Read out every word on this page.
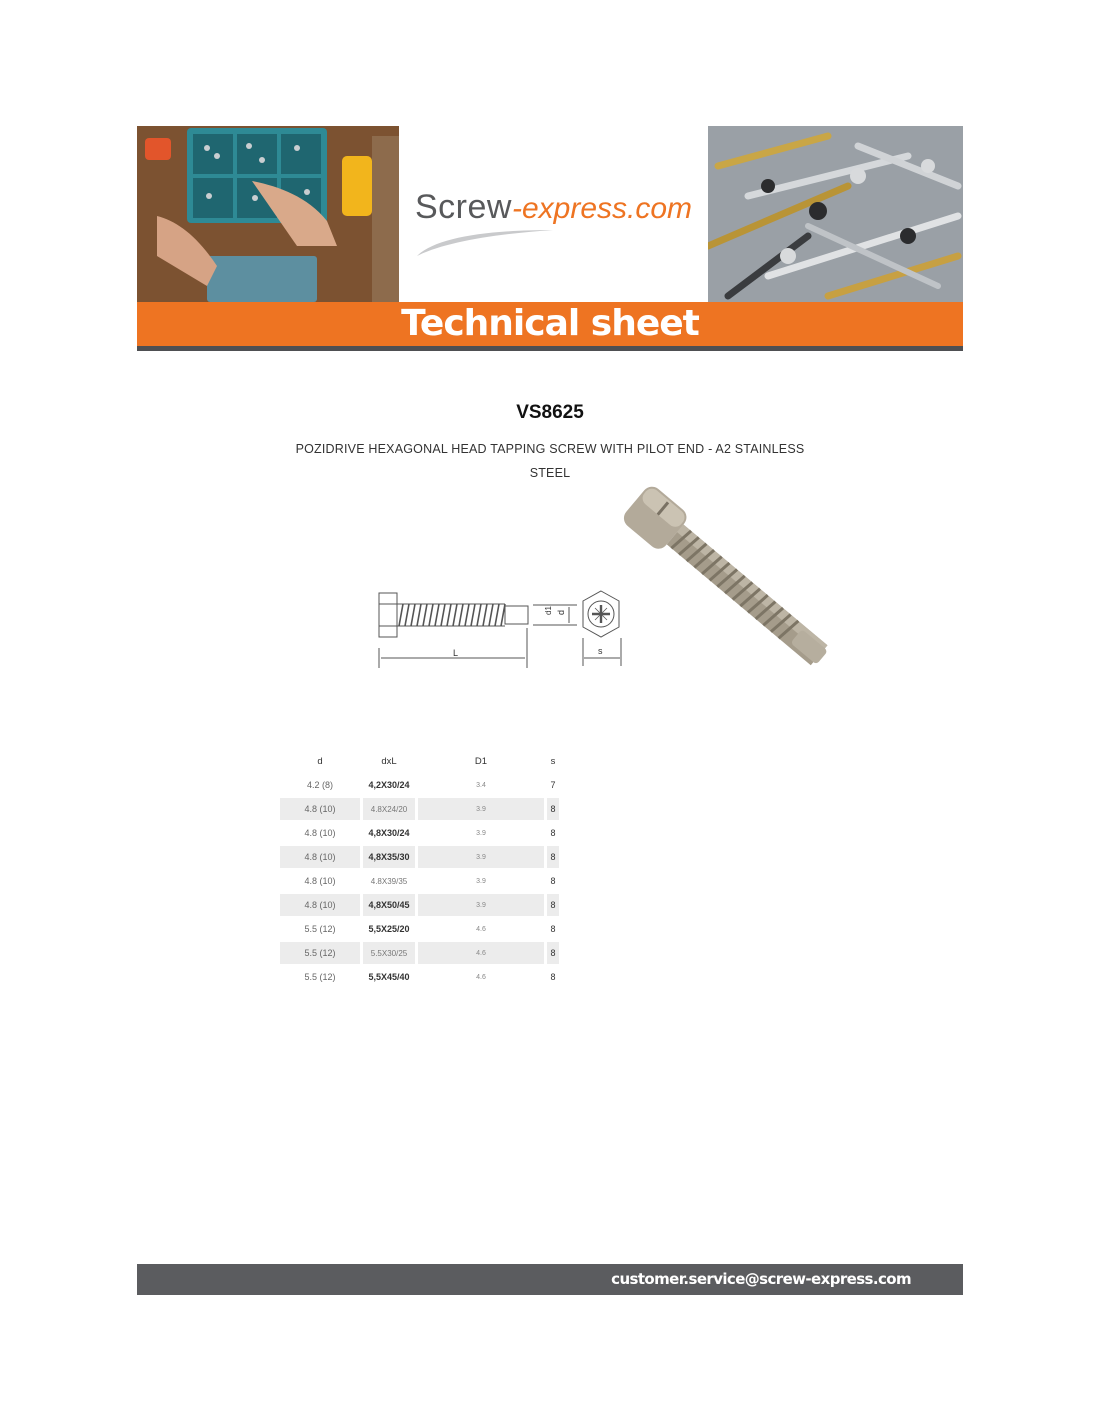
Screw-express.com
Technical sheet
VS8625
POZIDRIVE HEXAGONAL HEAD TAPPING SCREW WITH PILOT END - A2 STAINLESS STEEL
L
d1 d
s
d	dxL	D1	s
4.2 (8)	4,2X30/24	3.4	7
4.8 (10)	4.8X24/20	3.9	8
4.8 (10)	4,8X30/24	3.9	8
4.8 (10)	4,8X35/30	3.9	8
4.8 (10)	4.8X39/35	3.9	8
4.8 (10)	4,8X50/45	3.9	8
5.5 (12)	5,5X25/20	4.6	8
5.5 (12)	5.5X30/25	4.6	8
5.5 (12)	5,5X45/40	4.6	8
customer.service@screw-express.com
